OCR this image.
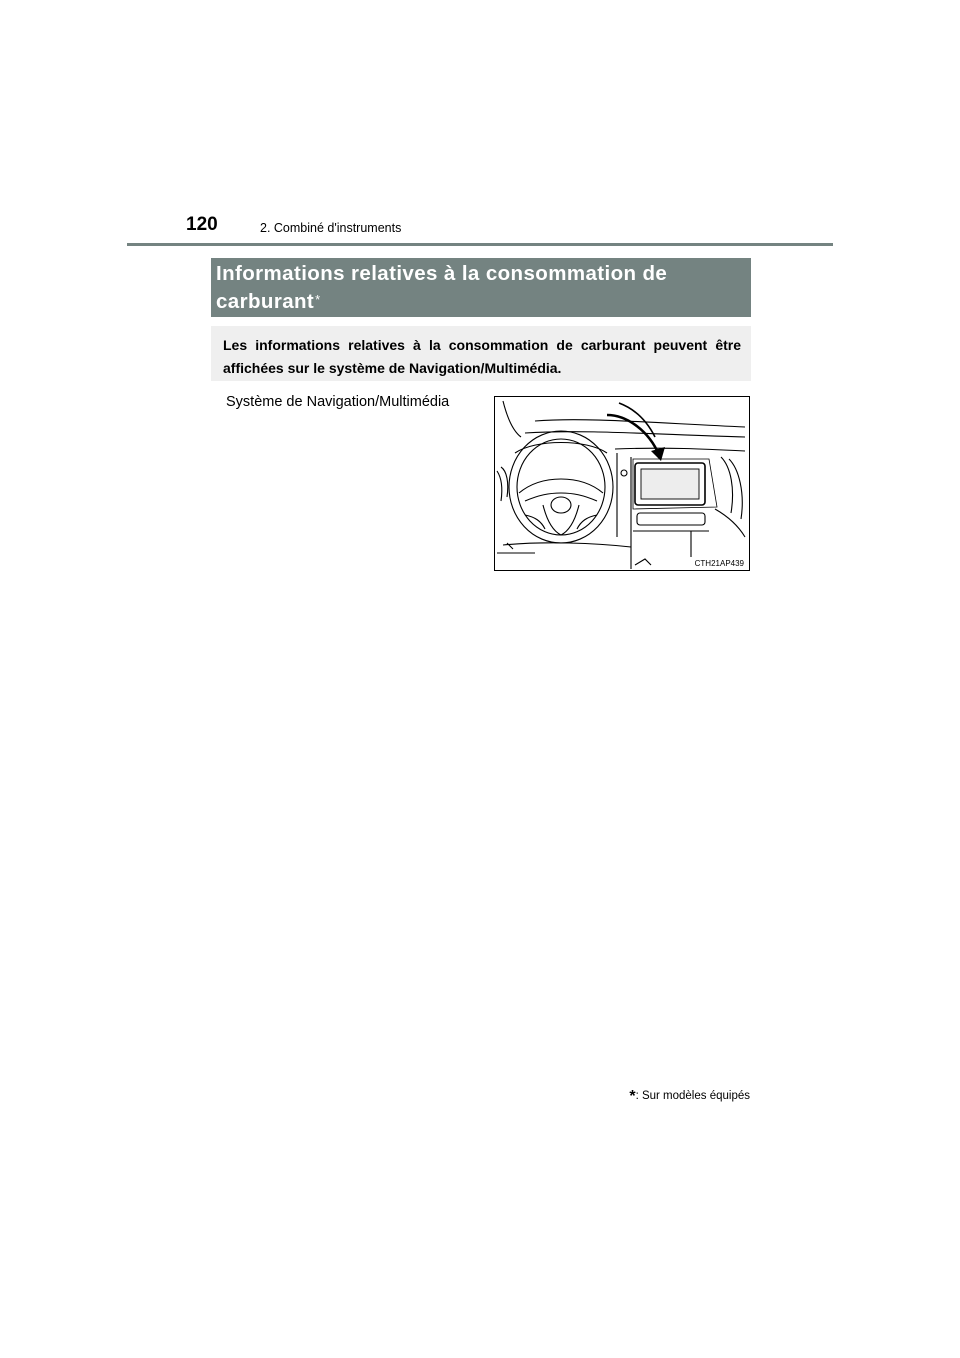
120	2. Combiné d'instruments
Informations relatives à la consommation de carburant*
Les informations relatives à la consommation de carburant peuvent être affichées sur le système de Navigation/Multimédia.
Système de Navigation/Multimédia
CTH21AP439
*: Sur modèles équipés
